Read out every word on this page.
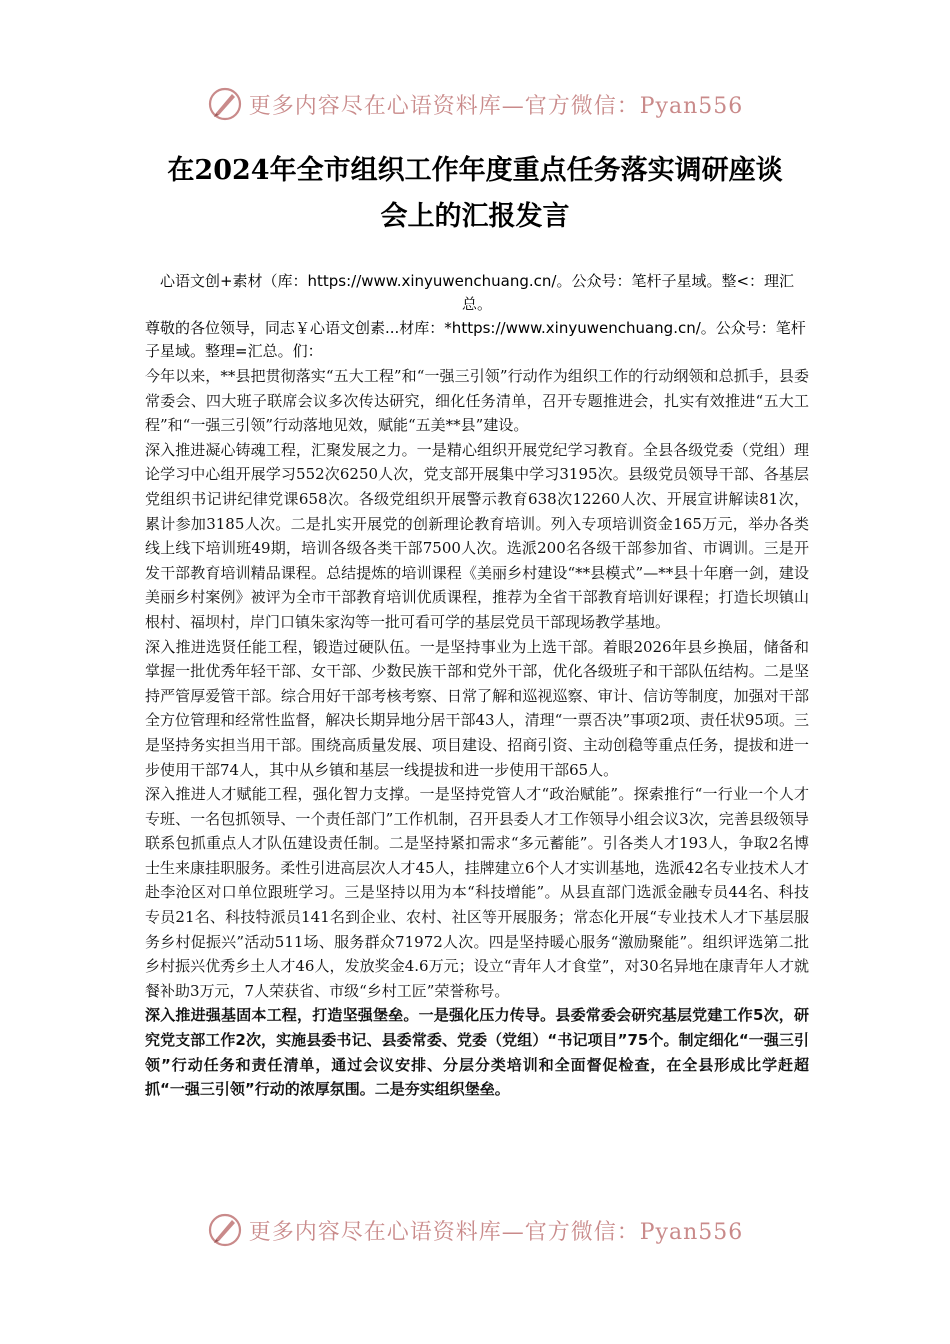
更多内容尽在心语资料库—官方微信：Pyan556
在2024年全市组织工作年度重点任务落实调研座谈
会上的汇报发言

心语文创+素材（库：https://www.xinyuwenchuang.cn/。公众号：笔杆子星域。整<：理汇总。

尊敬的各位领导，同志￥心语文创素...材库：*https://www.xinyuwenchuang.cn/。公众号：笔杆子星域。整理=汇总。们：

今年以来，**县把贯彻落实“五大工程”和“一强三引领”行动作为组织工作的行动纲领和总抓手，县委常委会、四大班子联席会议多次传达研究，细化任务清单，召开专题推进会，扎实有效推进“五大工程”和“一强三引领”行动落地见效，赋能“五美**县”建设。

深入推进凝心铸魂工程，汇聚发展之力。一是精心组织开展党纪学习教育。全县各级党委（党组）理论学习中心组开展学习552次6250人次，党支部开展集中学习3195次。县级党员领导干部、各基层党组织书记讲纪律党课658次。各级党组织开展警示教育638次12260人次、开展宣讲解读81次，累计参加3185人次。二是扎实开展党的创新理论教育培训。列入专项培训资金165万元，举办各类线上线下培训班49期，培训各级各类干部7500人次。选派200名各级干部参加省、市调训。三是开发干部教育培训精品课程。总结提炼的培训课程《美丽乡村建设“**县模式”—**县十年磨一剑，建设美丽乡村案例》被评为全市干部教育培训优质课程，推荐为全省干部教育培训好课程；打造长坝镇山根村、福坝村，岸门口镇朱家沟等一批可看可学的基层党员干部现场教学基地。

深入推进选贤任能工程，锻造过硬队伍。一是坚持事业为上选干部。着眼2026年县乡换届，储备和掌握一批优秀年轻干部、女干部、少数民族干部和党外干部，优化各级班子和干部队伍结构。二是坚持严管厚爱管干部。综合用好干部考核考察、日常了解和巡视巡察、审计、信访等制度，加强对干部全方位管理和经常性监督，解决长期异地分居干部43人，清理“一票否决”事项2项、责任状95项。三是坚持务实担当用干部。围绕高质量发展、项目建设、招商引资、主动创稳等重点任务，提拔和进一步使用干部74人，其中从乡镇和基层一线提拔和进一步使用干部65人。

深入推进人才赋能工程，强化智力支撑。一是坚持党管人才“政治赋能”。探索推行“一行业一个人才专班、一名包抓领导、一个责任部门”工作机制，召开县委人才工作领导小组会议3次，完善县级领导联系包抓重点人才队伍建设责任制。二是坚持紧扣需求“多元蓄能”。引各类人才193人，争取2名博士生来康挂职服务。柔性引进高层次人才45人，挂牌建立6个人才实训基地，选派42名专业技术人才赴李沧区对口单位跟班学习。三是坚持以用为本“科技增能”。从县直部门选派金融专员44名、科技专员21名、科技特派员141名到企业、农村、社区等开展服务；常态化开展“专业技术人才下基层服务乡村促振兴”活动511场、服务群众71972人次。四是坚持暖心服务“激励聚能”。组织评选第二批乡村振兴优秀乡土人才46人，发放奖金4.6万元；设立“青年人才食堂”，对30名异地在康青年人才就餐补助3万元，7人荣获省、市级“乡村工匠”荣誉称号。

深入推进强基固本工程，打造坚强堡垒。一是强化压力传导。县委常委会研究基层党建工作5次，研究党支部工作2次，实施县委书记、县委常委、党委（党组）“书记项目”75个。制定细化“一强三引领”行动任务和责任清单，通过会议安排、分层分类培训和全面督促检查，在全县形成比学赶超抓“一强三引领”行动的浓厚氛围。二是夯实组织堡垒。

更多内容尽在心语资料库—官方微信：Pyan556
